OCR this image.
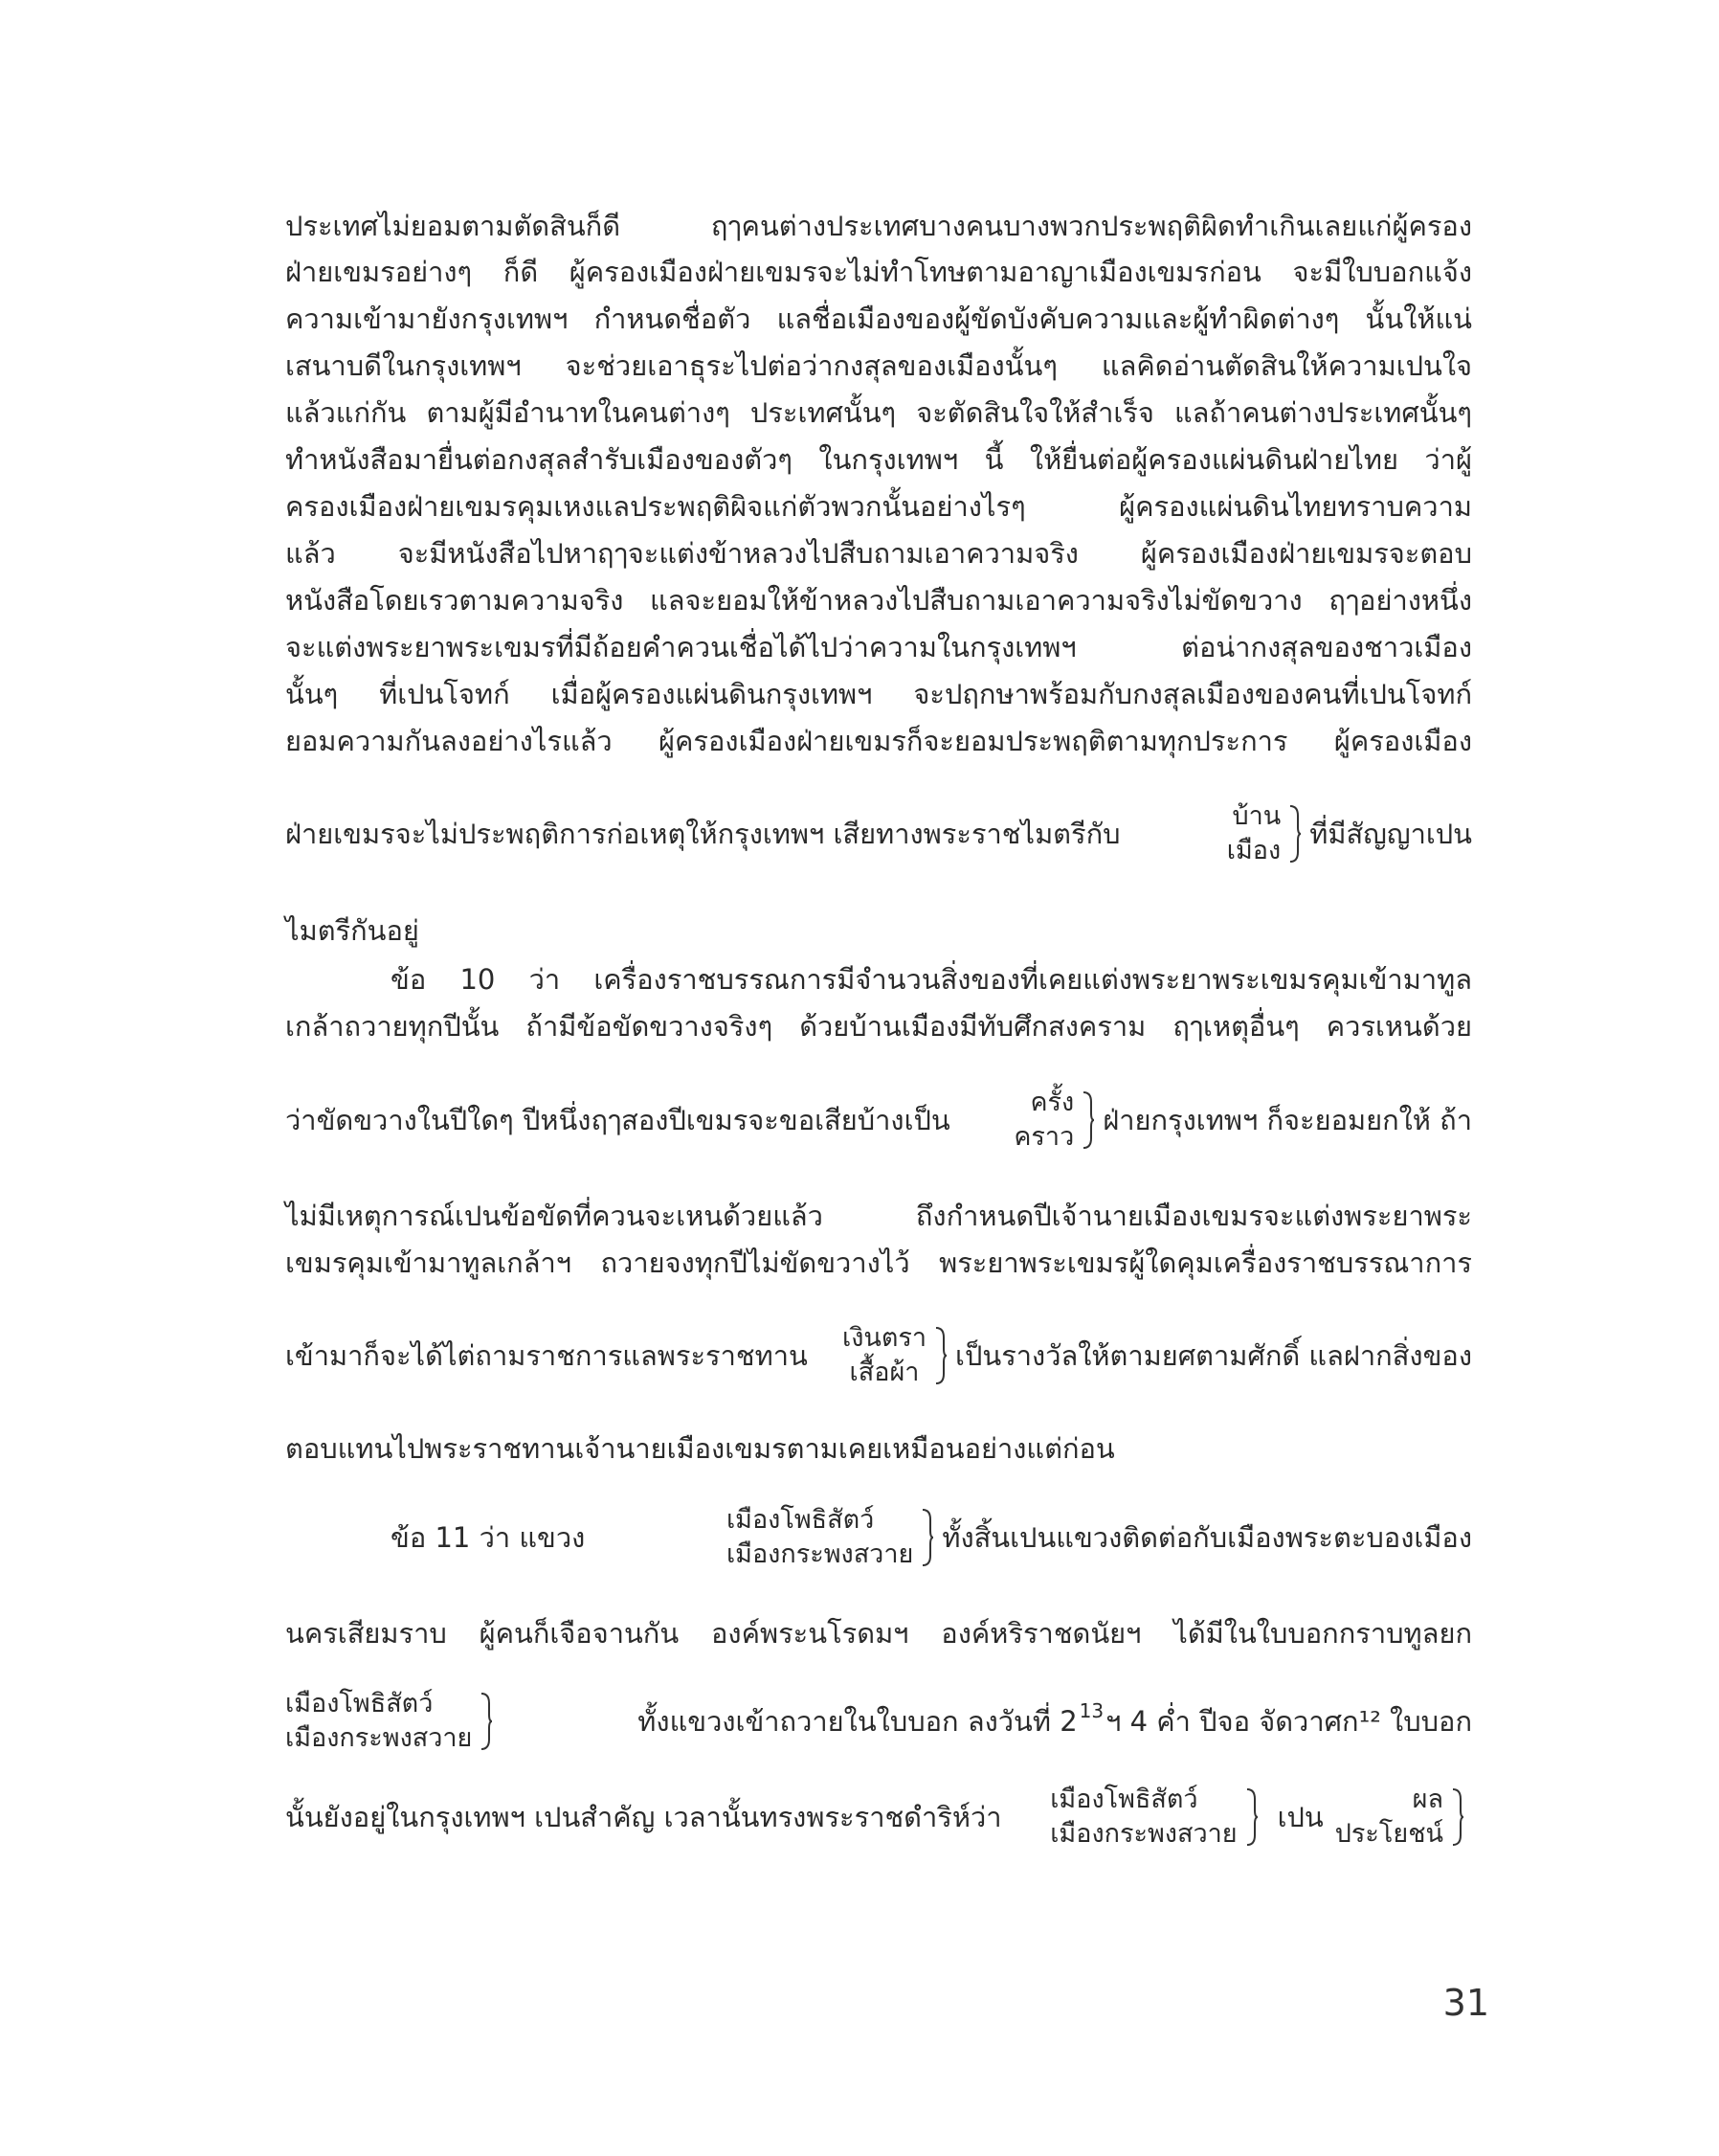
ประเทศไม่ยอมตามตัดสินก็ดี ฤๅคนต่างประเทศบางคนบางพวกประพฤติผิดทำเกินเลยแก่ผู้ครอง
ฝ่ายเขมรอย่างๆ ก็ดี ผู้ครองเมืองฝ่ายเขมรจะไม่ทำโทษตามอาญาเมืองเขมรก่อน จะมีใบบอกแจ้ง
ความเข้ามายังกรุงเทพฯ กำหนดชื่อตัว แลชื่อเมืองของผู้ขัดบังคับความและผู้ทำผิดต่างๆ นั้นให้แน่
เสนาบดีในกรุงเทพฯ จะช่วยเอาธุระไปต่อว่ากงสุลของเมืองนั้นๆ แลคิดอ่านตัดสินให้ความเปนใจ
แล้วแก่กัน ตามผู้มีอำนาทในคนต่างๆ ประเทศนั้นๆ จะตัดสินใจให้สำเร็จ แลถ้าคนต่างประเทศนั้นๆ
ทำหนังสือมายื่นต่อกงสุลสำรับเมืองของตัวๆ ในกรุงเทพฯ นี้ ให้ยื่นต่อผู้ครองแผ่นดินฝ่ายไทย ว่าผู้
ครองเมืองฝ่ายเขมรคุมเหงแลประพฤติผิจแก่ตัวพวกนั้นอย่างไรๆ ผู้ครองแผ่นดินไทยทราบความ
แล้ว จะมีหนังสือไปหาฤๅจะแต่งข้าหลวงไปสืบถามเอาความจริง ผู้ครองเมืองฝ่ายเขมรจะตอบ
หนังสือโดยเรวตามความจริง แลจะยอมให้ข้าหลวงไปสืบถามเอาความจริงไม่ขัดขวาง ฤๅอย่างหนึ่ง
จะแต่งพระยาพระเขมรที่มีถ้อยคำควนเชื่อได้ไปว่าความในกรุงเทพฯ ต่อน่ากงสุลของชาวเมือง
นั้นๆ ที่เปนโจทก์ เมื่อผู้ครองแผ่นดินกรุงเทพฯ จะปฤกษาพร้อมกับกงสุลเมืองของคนที่เปนโจทก์
ยอมความกันลงอย่างไรแล้ว ผู้ครองเมืองฝ่ายเขมรก็จะยอมประพฤติตามทุกประการ ผู้ครองเมือง
ฝ่ายเขมรจะไม่ประพฤติการก่อเหตุให้กรุงเทพฯ เสียทางพระราชไมตรีกับ
บ้าน
เมือง
ที่มีสัญญาเปน
ไมตรีกันอยู่
ข้อ 10 ว่า เครื่องราชบรรณการมีจำนวนสิ่งของที่เคยแต่งพระยาพระเขมรคุมเข้ามาทูล
เกล้าถวายทุกปีนั้น ถ้ามีข้อขัดขวางจริงๆ ด้วยบ้านเมืองมีทับศึกสงคราม ฤๅเหตุอื่นๆ ควรเหนด้วย
ว่าขัดขวางในปีใดๆ ปีหนึ่งฤๅสองปีเขมรจะขอเสียบ้างเป็น
ครั้ง
คราว
ฝ่ายกรุงเทพฯ ก็จะยอมยกให้ ถ้า
ไม่มีเหตุการณ์เปนข้อขัดที่ควนจะเหนด้วยแล้ว ถึงกำหนดปีเจ้านายเมืองเขมรจะแต่งพระยาพระ
เขมรคุมเข้ามาทูลเกล้าฯ ถวายจงทุกปีไม่ขัดขวางไว้ พระยาพระเขมรผู้ใดคุมเครื่องราชบรรณาการ
เข้ามาก็จะได้ไต่ถามราชการแลพระราชทาน
เงินตรา
เสื้อผ้า
เป็นรางวัลให้ตามยศตามศักดิ์ แลฝากสิ่งของ
ตอบแทนไปพระราชทานเจ้านายเมืองเขมรตามเคยเหมือนอย่างแต่ก่อน
ข้อ 11 ว่า แขวง
เมืองโพธิสัตว์
เมืองกระพงสวาย
ทั้งสิ้นเปนแขวงติดต่อกับเมืองพระตะบองเมือง
นครเสียมราบ ผู้คนก็เจือจานกัน องค์พระนโรดมฯ องค์หริราชดนัยฯ ได้มีในใบบอกกราบทูลยก
เมืองโพธิสัตว์
เมืองกระพงสวาย
ทั้งแขวงเข้าถวายในใบบอก ลงวันที่ 2 $^{13}$ฯ 4 ค่ำ ปีจอ จัดวาศก¹² ใบบอก
นั้นยังอยู่ในกรุงเทพฯ เปนสำคัญ เวลานั้นทรงพระราชดำริห์ว่า
เมืองโพธิสัตว์
เมืองกระพงสวาย
เปน
ผล
ประโยชน์
31
